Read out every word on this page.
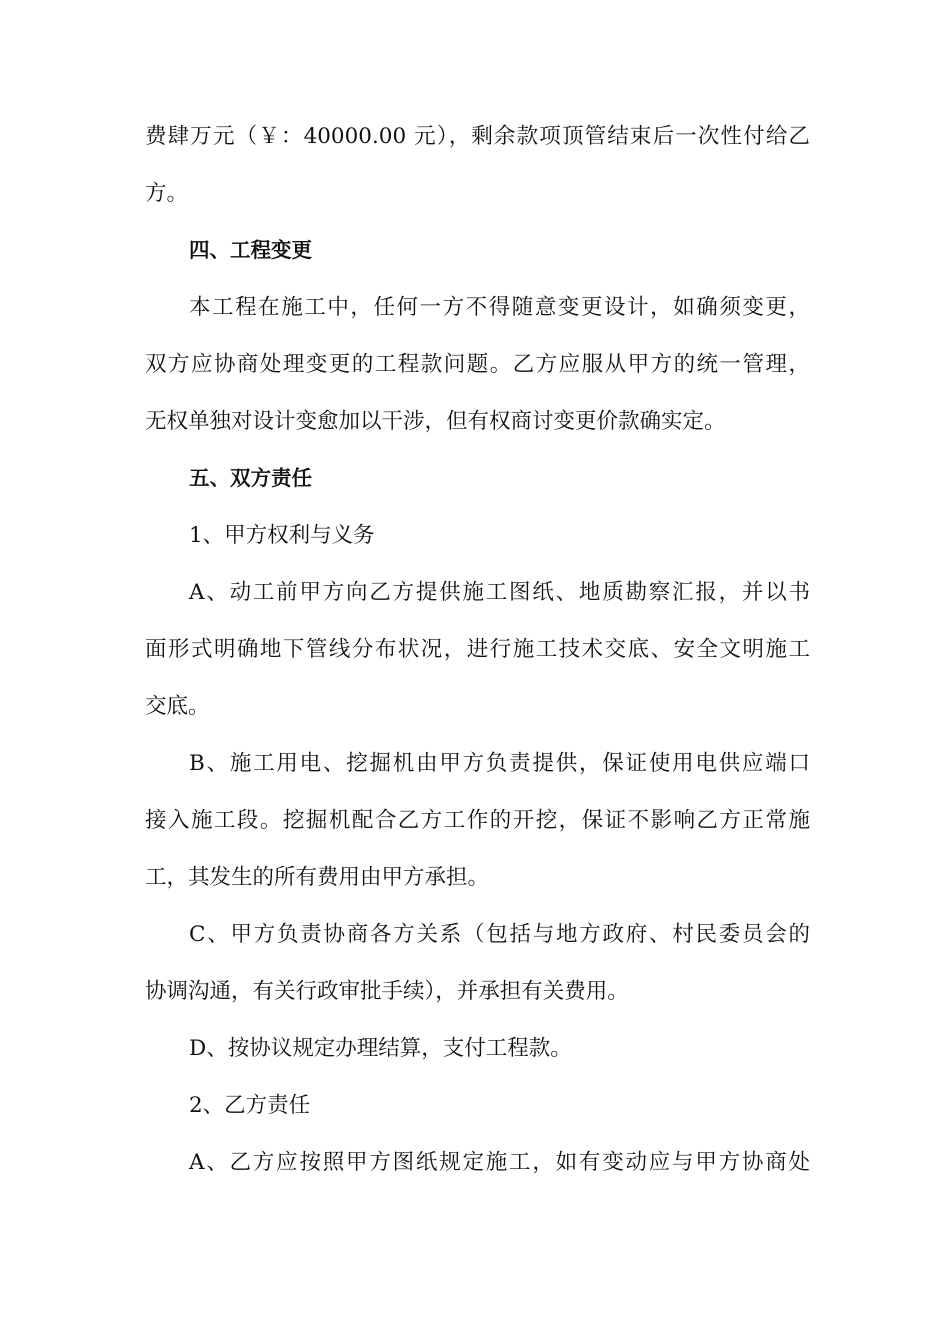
费肆万元（￥：40000.00 元），剩余款项顶管结束后一次性付给乙
方。
四、工程变更
本工程在施工中，任何一方不得随意变更设计，如确须变更，
双方应协商处理变更的工程款问题。乙方应服从甲方的统一管理，
无权单独对设计变愈加以干涉，但有权商讨变更价款确实定。
五、双方责任
1、甲方权利与义务
A、动工前甲方向乙方提供施工图纸、地质勘察汇报，并以书
面形式明确地下管线分布状况，进行施工技术交底、安全文明施工
交底。
B、施工用电、挖掘机由甲方负责提供，保证使用电供应端口
接入施工段。挖掘机配合乙方工作的开挖，保证不影响乙方正常施
工，其发生的所有费用由甲方承担。
C、甲方负责协商各方关系（包括与地方政府、村民委员会的
协调沟通，有关行政审批手续），并承担有关费用。
D、按协议规定办理结算，支付工程款。
2、乙方责任
A、乙方应按照甲方图纸规定施工，如有变动应与甲方协商处
